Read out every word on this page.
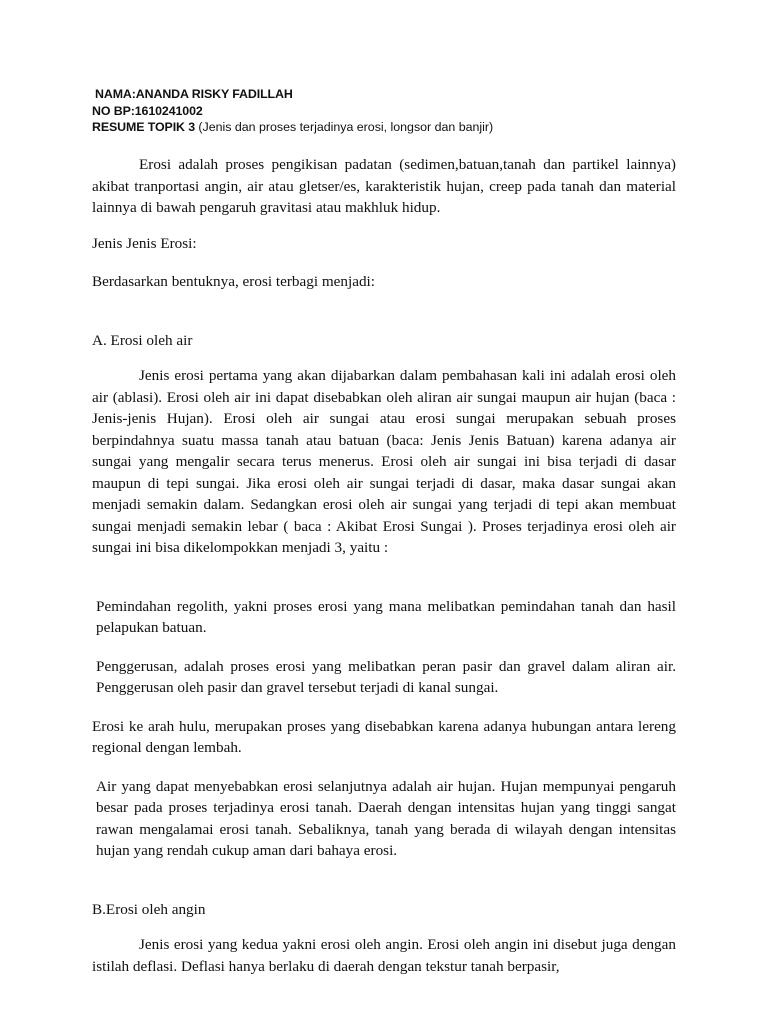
NAMA:ANANDA RISKY FADILLAH
NO BP:1610241002
RESUME TOPIK 3 (Jenis dan proses terjadinya erosi, longsor dan banjir)

Erosi adalah proses pengikisan padatan (sedimen,batuan,tanah dan partikel lainnya) akibat tranportasi angin, air atau gletser/es, karakteristik hujan, creep pada tanah dan material lainnya di bawah pengaruh gravitasi atau makhluk hidup.

Jenis Jenis Erosi:

Berdasarkan bentuknya, erosi terbagi menjadi:

A. Erosi oleh air

Jenis erosi pertama yang akan dijabarkan dalam pembahasan kali ini adalah erosi oleh air (ablasi). Erosi oleh air ini dapat disebabkan oleh aliran air sungai maupun air hujan (baca : Jenis-jenis Hujan). Erosi oleh air sungai atau erosi sungai merupakan sebuah proses berpindahnya suatu massa tanah atau batuan (baca: Jenis Jenis Batuan) karena adanya air sungai yang mengalir secara terus menerus. Erosi oleh air sungai ini bisa terjadi di dasar maupun di tepi sungai. Jika erosi oleh air sungai terjadi di dasar, maka dasar sungai akan menjadi semakin dalam. Sedangkan erosi oleh air sungai yang terjadi di tepi akan membuat sungai menjadi semakin lebar ( baca : Akibat Erosi Sungai ). Proses terjadinya erosi oleh air sungai ini bisa dikelompokkan menjadi 3, yaitu :

Pemindahan regolith, yakni proses erosi yang mana melibatkan pemindahan tanah dan hasil pelapukan batuan.

Penggerusan, adalah proses erosi yang melibatkan peran pasir dan gravel dalam aliran air. Penggerusan oleh pasir dan gravel tersebut terjadi di kanal sungai.

Erosi ke arah hulu, merupakan proses yang disebabkan karena adanya hubungan antara lereng regional dengan lembah.

Air yang dapat menyebabkan erosi selanjutnya adalah air hujan. Hujan mempunyai pengaruh besar pada proses terjadinya erosi tanah. Daerah dengan intensitas hujan yang tinggi sangat rawan mengalamai erosi tanah. Sebaliknya, tanah yang berada di wilayah dengan intensitas hujan yang rendah cukup aman dari bahaya erosi.

B.Erosi oleh angin

Jenis erosi yang kedua yakni erosi oleh angin. Erosi oleh angin ini disebut juga dengan istilah deflasi. Deflasi hanya berlaku di daerah dengan tekstur tanah berpasir,
